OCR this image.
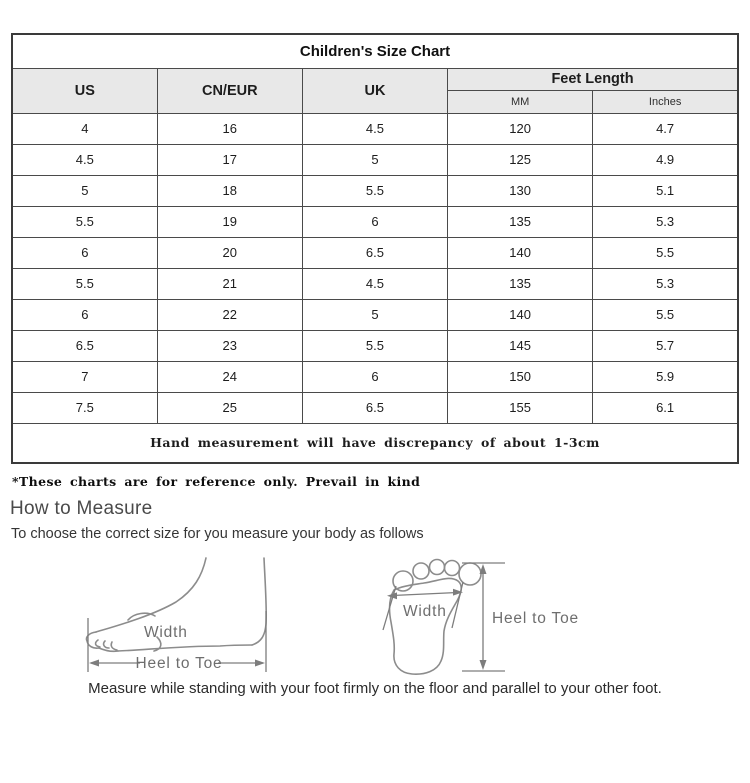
Children's Size Chart				
US	CN/EUR	UK	Feet Length	
			MM	Inches
4	16	4.5	120	4.7
4.5	17	5	125	4.9
5	18	5.5	130	5.1
5.5	19	6	135	5.3
6	20	6.5	140	5.5
5.5	21	4.5	135	5.3
6	22	5	140	5.5
6.5	23	5.5	145	5.7
7	24	6	150	5.9
7.5	25	6.5	155	6.1
Hand measurement will have discrepancy of about 1-3cm				
*These charts are for reference only. Prevail in kind
How to Measure
To choose the correct size for you measure your body as follows
Width
Heel to Toe
Width	Heel to Toe
Measure while standing with your foot firmly on the floor and parallel to your other foot.
